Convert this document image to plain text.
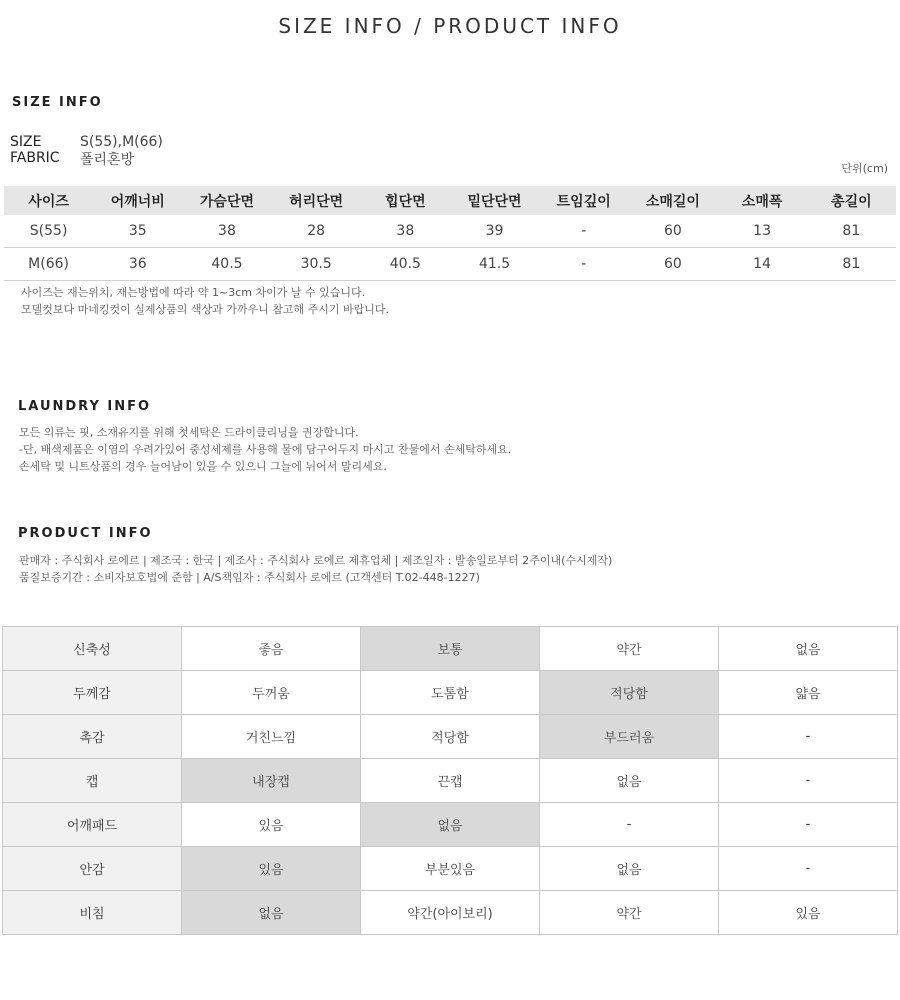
SIZE INFO / PRODUCT INFO
SIZE INFO
SIZE	S(55),M(66)
FABRIC 폴리혼방
단위(cm)
사이즈	어깨너비	가슴단면	허리단면	힙단면	밑단단면	트임깊이	소매길이	소매폭	총길이
S(55)	35	38	28	38	39	-	60	13	81
M(66)	36	40.5	30.5	40.5	41.5	-	60	14	81
사이즈는 재는위치, 재는방법에 따라 약 1~3cm 차이가 날 수 있습니다.
모델컷보다 마네킹컷이 실제상품의 색상과 가까우니 참고해 주시기 바랍니다.
LAUNDRY INFO
모든 의류는 핏, 소재유지를 위해 첫세탁은 드라이클리닝을 권장합니다.
-단, 배색제품은 이염의 우려가있어 중성세제를 사용해 물에 담구어두지 마시고 찬물에서 손세탁하세요.
손세탁 및 니트상품의 경우 늘어남이 있을 수 있으니 그늘에 뉘어서 말리세요.
PRODUCT INFO
판매자 : 주식회사 로에르 | 제조국 : 한국 | 제조사 : 주식회사 로에르 제휴업체 | 제조일자 : 발송일로부터 2주이내(수시제작)
품질보증기간 : 소비자보호법에 준함 | A/S책임자 : 주식회사 로에르 (고객센터 T.02-448-1227)
신축성	좋음	보통	약간	없음
두께감	두꺼움	도톰함	적당함	얇음
촉감	거친느낌	적당함	부드러움	-
캡	내장캡	끈캡	없음	-
어깨패드	있음	없음	-	-
안감	있음	부분있음	없음	-
비침	없음	약간(아이보리)	약간	있음
